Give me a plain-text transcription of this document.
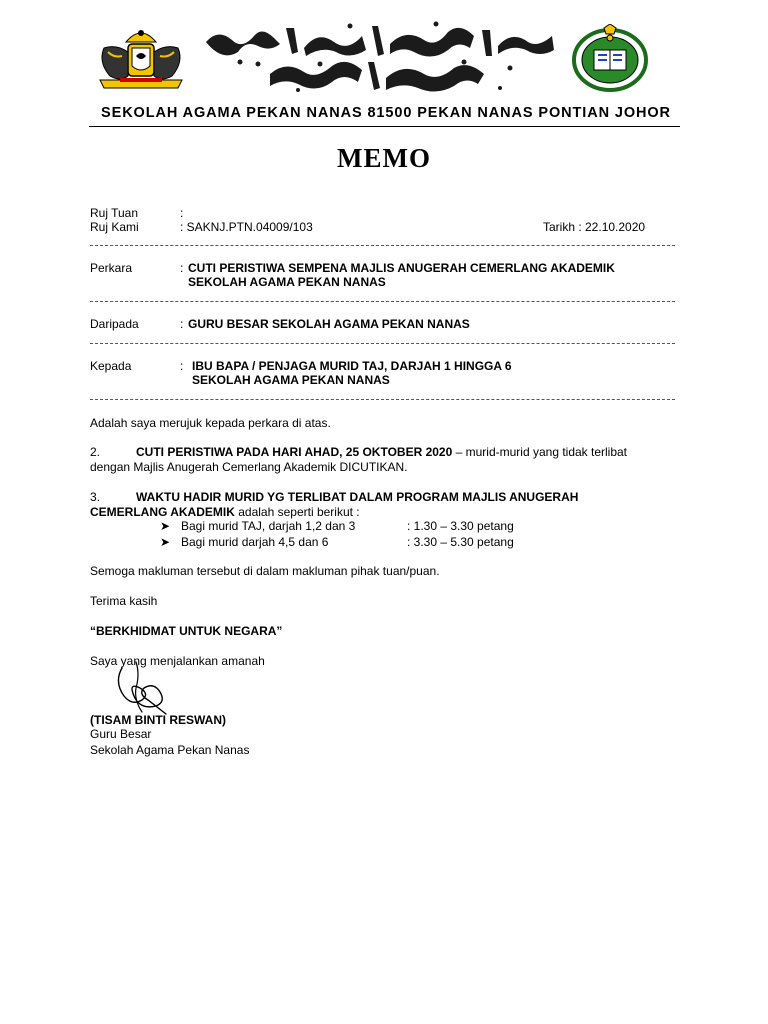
SEKOLAH AGAMA PEKAN NANAS 81500 PEKAN NANAS PONTIAN JOHOR
MEMO
Ruj Tuan	:
Ruj Kami	: SAKNJ.PTN.04009/103	Tarikh : 22.10.2020
Perkara	: CUTI PERISTIWA SEMPENA MAJLIS ANUGERAH CEMERLANG AKADEMIK
SEKOLAH AGAMA PEKAN NANAS
Daripada	: GURU BESAR SEKOLAH AGAMA PEKAN NANAS
Kepada	: IBU BAPA / PENJAGA MURID TAJ, DARJAH 1 HINGGA 6
SEKOLAH AGAMA PEKAN NANAS
Adalah saya merujuk kepada perkara di atas.
2.	CUTI PERISTIWA PADA HARI AHAD, 25 OKTOBER 2020 – murid-murid yang tidak terlibat
dengan Majlis Anugerah Cemerlang Akademik DICUTIKAN.
3.	WAKTU HADIR MURID YG TERLIBAT DALAM PROGRAM MAJLIS ANUGERAH
CEMERLANG AKADEMIK adalah seperti berikut :
➤ Bagi murid TAJ, darjah 1,2 dan 3	: 1.30 – 3.30 petang
➤ Bagi murid darjah 4,5 dan 6	: 3.30 – 5.30 petang
Semoga makluman tersebut di dalam makluman pihak tuan/puan.
Terima kasih
“BERKHIDMAT UNTUK NEGARA”
Saya yang menjalankan amanah
(TISAM BINTI RESWAN)
Guru Besar
Sekolah Agama Pekan Nanas
